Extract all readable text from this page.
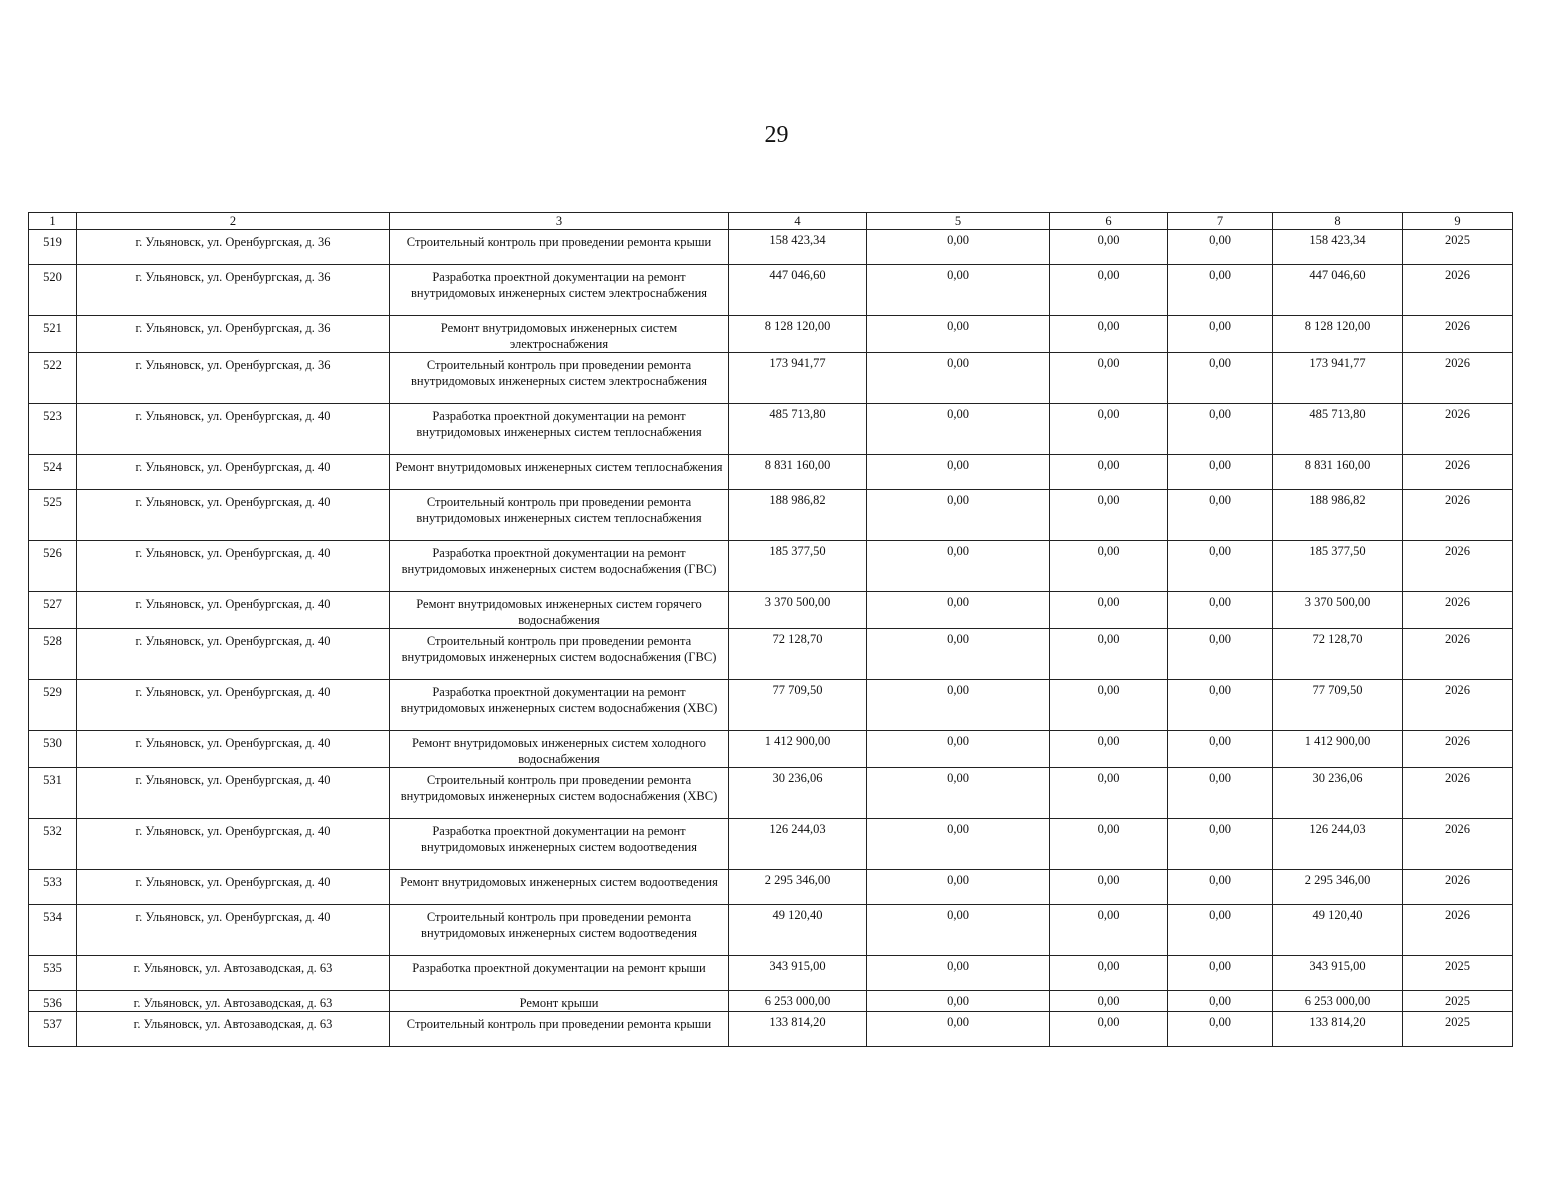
29
1	2	3	4	5	6	7	8	9
519	г. Ульяновск, ул. Оренбургская, д. 36	Строительный контроль при проведении ремонта крыши	158 423,34	0,00	0,00	0,00	158 423,34	2025
520	г. Ульяновск, ул. Оренбургская, д. 36	Разработка проектной документации на ремонт внутридомовых инженерных систем электроснабжения	447 046,60	0,00	0,00	0,00	447 046,60	2026
521	г. Ульяновск, ул. Оренбургская, д. 36	Ремонт внутридомовых инженерных систем электроснабжения	8 128 120,00	0,00	0,00	0,00	8 128 120,00	2026
522	г. Ульяновск, ул. Оренбургская, д. 36	Строительный контроль при проведении ремонта внутридомовых инженерных систем электроснабжения	173 941,77	0,00	0,00	0,00	173 941,77	2026
523	г. Ульяновск, ул. Оренбургская, д. 40	Разработка проектной документации на ремонт внутридомовых инженерных систем теплоснабжения	485 713,80	0,00	0,00	0,00	485 713,80	2026
524	г. Ульяновск, ул. Оренбургская, д. 40	Ремонт внутридомовых инженерных систем теплоснабжения	8 831 160,00	0,00	0,00	0,00	8 831 160,00	2026
525	г. Ульяновск, ул. Оренбургская, д. 40	Строительный контроль при проведении ремонта внутридомовых инженерных систем теплоснабжения	188 986,82	0,00	0,00	0,00	188 986,82	2026
526	г. Ульяновск, ул. Оренбургская, д. 40	Разработка проектной документации на ремонт внутридомовых инженерных систем водоснабжения (ГВС)	185 377,50	0,00	0,00	0,00	185 377,50	2026
527	г. Ульяновск, ул. Оренбургская, д. 40	Ремонт внутридомовых инженерных систем горячего водоснабжения	3 370 500,00	0,00	0,00	0,00	3 370 500,00	2026
528	г. Ульяновск, ул. Оренбургская, д. 40	Строительный контроль при проведении ремонта внутридомовых инженерных систем водоснабжения (ГВС)	72 128,70	0,00	0,00	0,00	72 128,70	2026
529	г. Ульяновск, ул. Оренбургская, д. 40	Разработка проектной документации на ремонт внутридомовых инженерных систем водоснабжения (ХВС)	77 709,50	0,00	0,00	0,00	77 709,50	2026
530	г. Ульяновск, ул. Оренбургская, д. 40	Ремонт внутридомовых инженерных систем холодного водоснабжения	1 412 900,00	0,00	0,00	0,00	1 412 900,00	2026
531	г. Ульяновск, ул. Оренбургская, д. 40	Строительный контроль при проведении ремонта внутридомовых инженерных систем водоснабжения (ХВС)	30 236,06	0,00	0,00	0,00	30 236,06	2026
532	г. Ульяновск, ул. Оренбургская, д. 40	Разработка проектной документации на ремонт внутридомовых инженерных систем водоотведения	126 244,03	0,00	0,00	0,00	126 244,03	2026
533	г. Ульяновск, ул. Оренбургская, д. 40	Ремонт внутридомовых инженерных систем водоотведения	2 295 346,00	0,00	0,00	0,00	2 295 346,00	2026
534	г. Ульяновск, ул. Оренбургская, д. 40	Строительный контроль при проведении ремонта внутридомовых инженерных систем водоотведения	49 120,40	0,00	0,00	0,00	49 120,40	2026
535	г. Ульяновск, ул. Автозаводская, д. 63	Разработка проектной документации на ремонт крыши	343 915,00	0,00	0,00	0,00	343 915,00	2025
536	г. Ульяновск, ул. Автозаводская, д. 63	Ремонт крыши	6 253 000,00	0,00	0,00	0,00	6 253 000,00	2025
537	г. Ульяновск, ул. Автозаводская, д. 63	Строительный контроль при проведении ремонта крыши	133 814,20	0,00	0,00	0,00	133 814,20	2025
